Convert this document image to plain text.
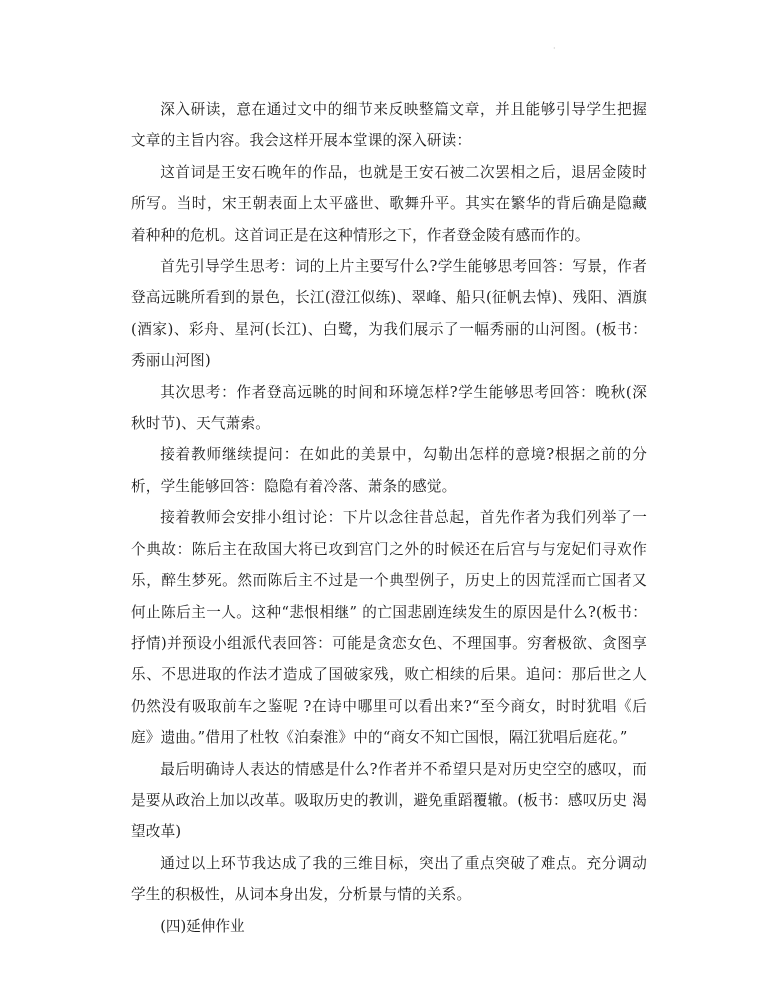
·

深入研读，意在通过文中的细节来反映整篇文章，并且能够引导学生把握文章的主旨内容。我会这样开展本堂课的深入研读：

这首词是王安石晚年的作品，也就是王安石被二次罢相之后，退居金陵时所写。当时，宋王朝表面上太平盛世、歌舞升平。其实在繁华的背后确是隐藏着种种的危机。这首词正是在这种情形之下，作者登金陵有感而作的。

首先引导学生思考：词的上片主要写什么?学生能够思考回答：写景，作者登高远眺所看到的景色，长江(澄江似练)、翠峰、船只(征帆去悼)、残阳、酒旗(酒家)、彩舟、星河(长江)、白鹭，为我们展示了一幅秀丽的山河图。(板书：秀丽山河图)

其次思考：作者登高远眺的时间和环境怎样?学生能够思考回答：晚秋(深秋时节)、天气萧索。

接着教师继续提问：在如此的美景中，勾勒出怎样的意境?根据之前的分析，学生能够回答：隐隐有着冷落、萧条的感觉。

接着教师会安排小组讨论：下片以念往昔总起，首先作者为我们列举了一个典故：陈后主在敌国大将已攻到宫门之外的时候还在后宫与与宠妃们寻欢作乐，醉生梦死。然而陈后主不过是一个典型例子，历史上的因荒淫而亡国者又何止陈后主一人。这种“悲恨相继” 的亡国悲剧连续发生的原因是什么?(板书：抒情)并预设小组派代表回答：可能是贪恋女色、不理国事。穷奢极欲、贪图享乐、不思进取的作法才造成了国破家残，败亡相续的后果。追问：那后世之人仍然没有吸取前车之鉴呢 ?在诗中哪里可以看出来?“至今商女，时时犹唱《后庭》遗曲。”借用了杜牧《泊秦淮》中的“商女不知亡国恨，隔江犹唱后庭花。”

最后明确诗人表达的情感是什么?作者并不希望只是对历史空空的感叹，而是要从政治上加以改革。吸取历史的教训，避免重蹈覆辙。(板书：感叹历史 渴望改革)

通过以上环节我达成了我的三维目标，突出了重点突破了难点。充分调动学生的积极性，从词本身出发，分析景与情的关系。

(四)延伸作业
